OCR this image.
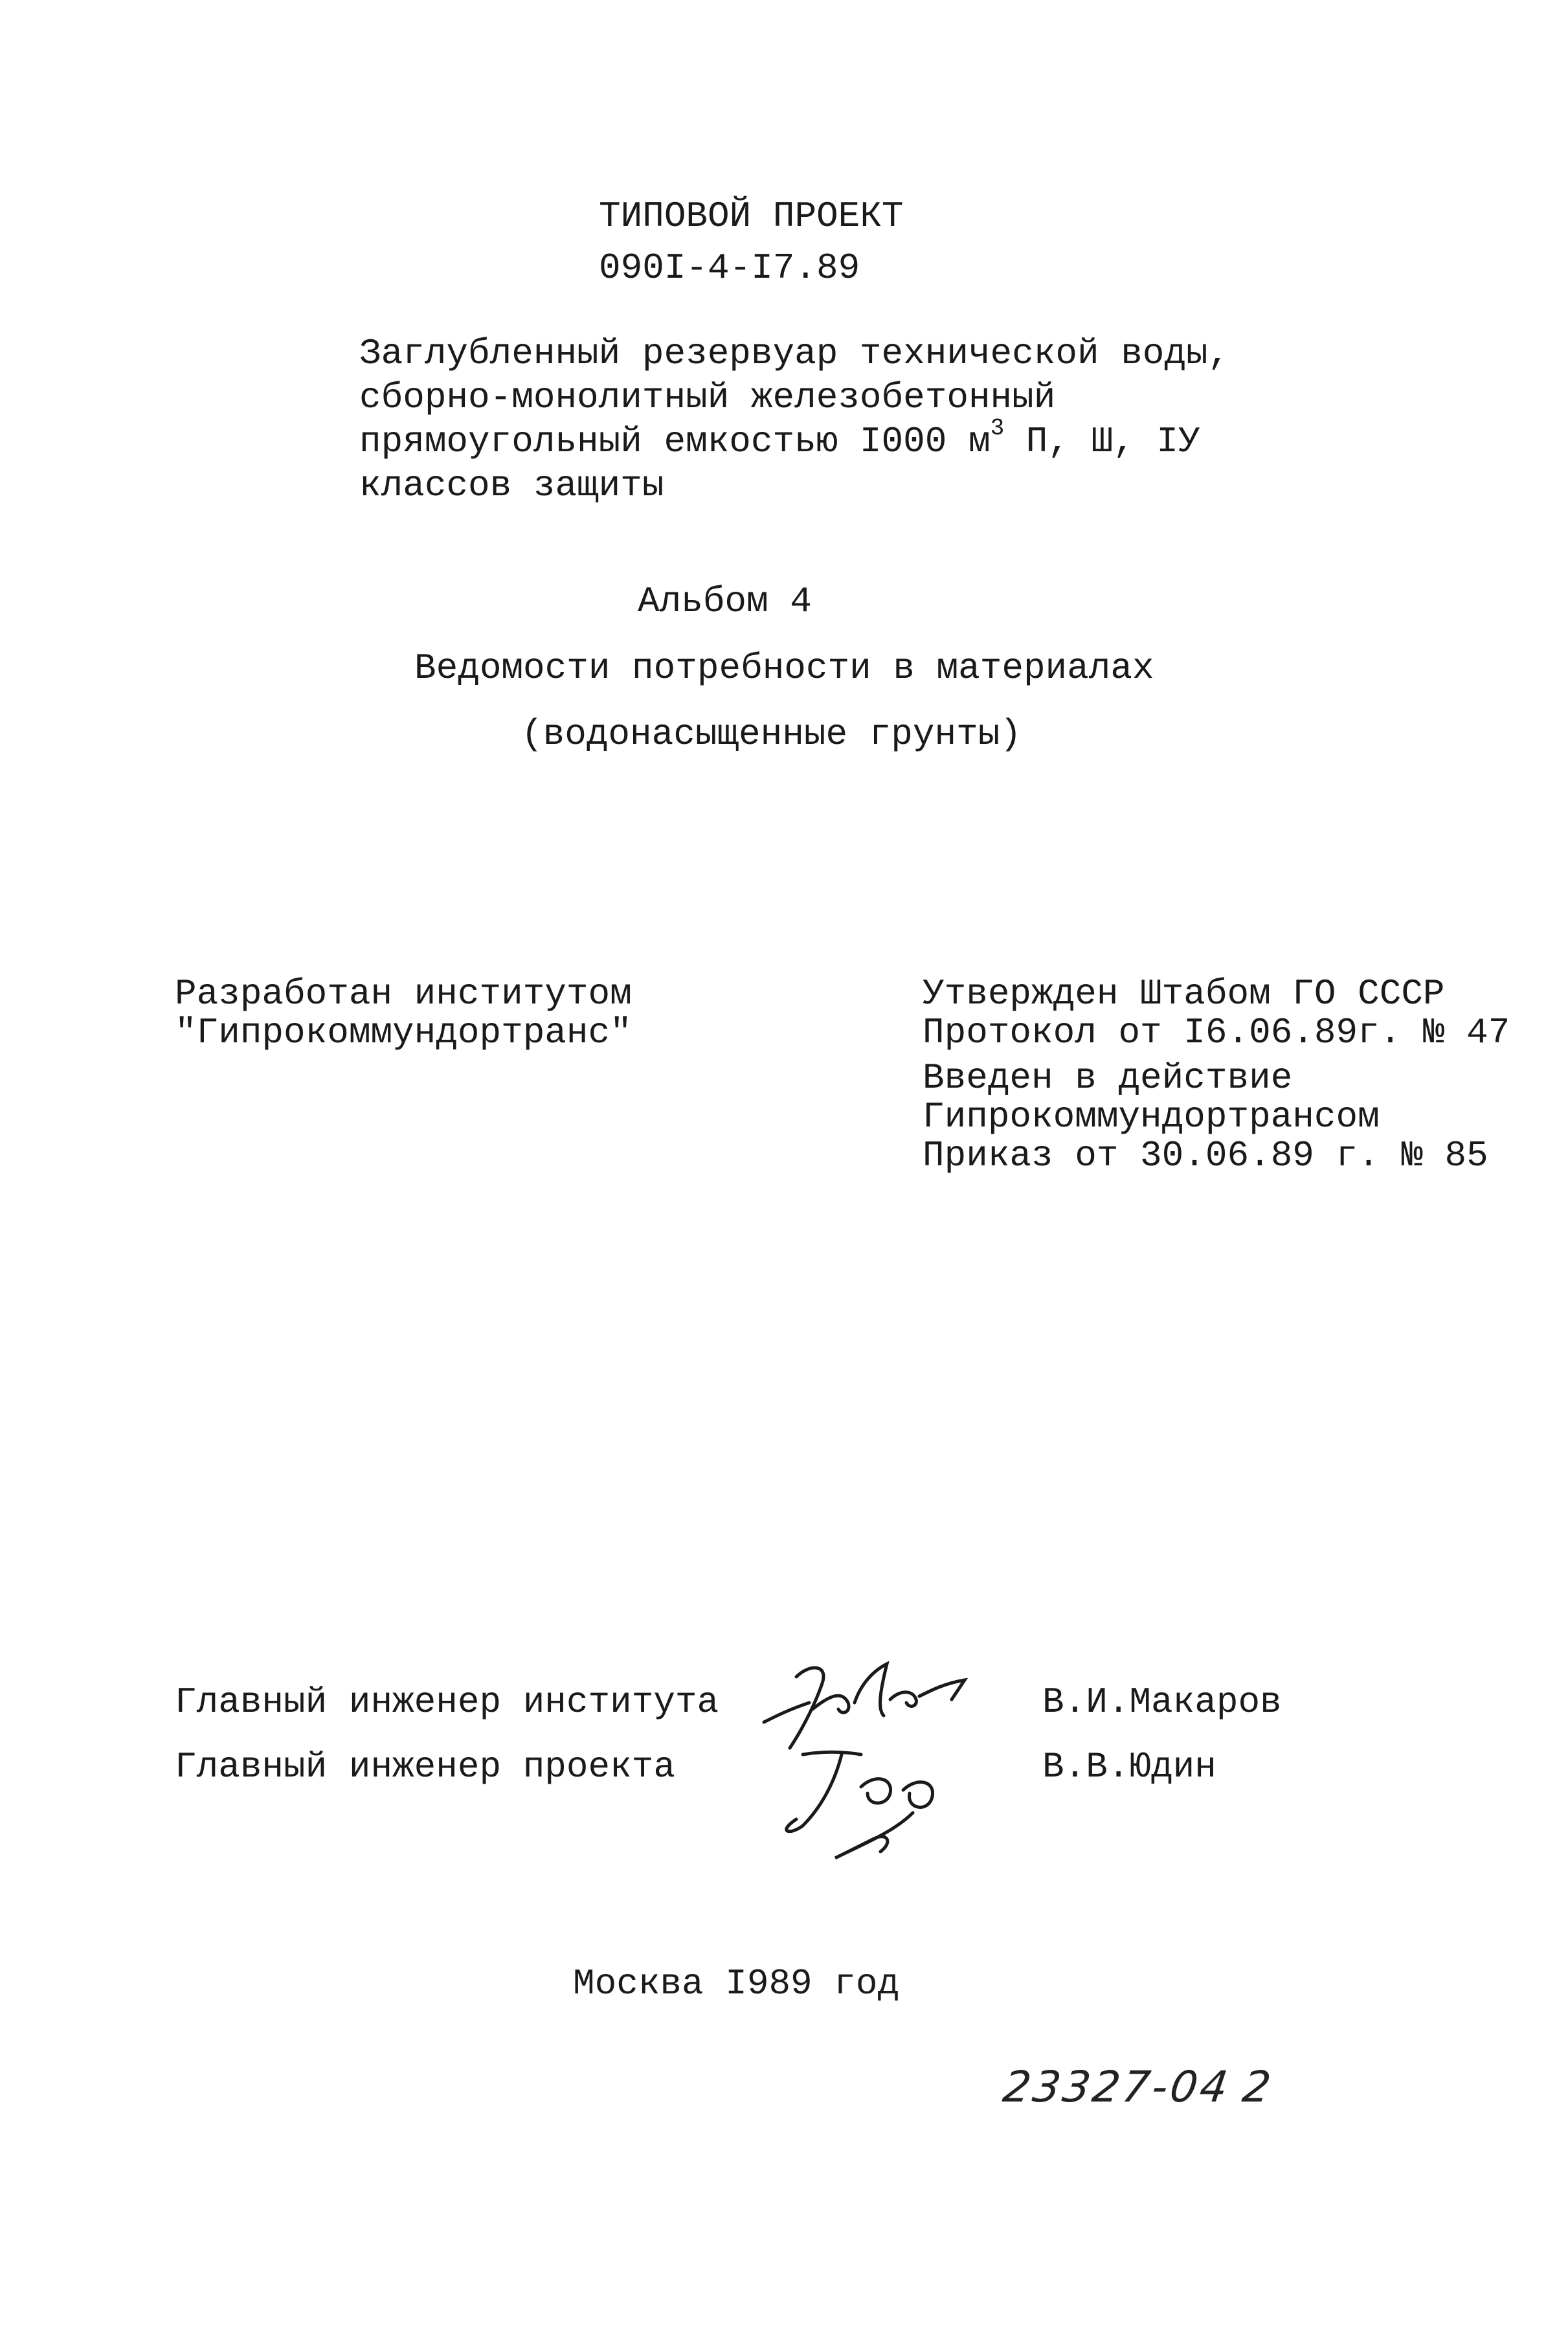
ТИПОВОЙ ПРОЕКТ
090I-4-I7.89
Заглубленный резервуар технической воды,
сборно-монолитный железобетонный
прямоугольный емкостью I000 $м^3$ П, Ш, IУ
классов защиты
Альбом 4
Ведомости потребности в материалах
(водонасыщенные грунты)
Разработан институтом
"Гипрокоммундортранс"
Утвержден Штабом ГО СССР
Протокол от I6.06.89г. № 47
Введен в действие
Гипрокоммундортрансом
Приказ от 30.06.89 г. № 85
Главный инженер института	В.И.Макаров
Главный инженер проекта	В.В.Юдин
Москва I989 год
23327-04 2
